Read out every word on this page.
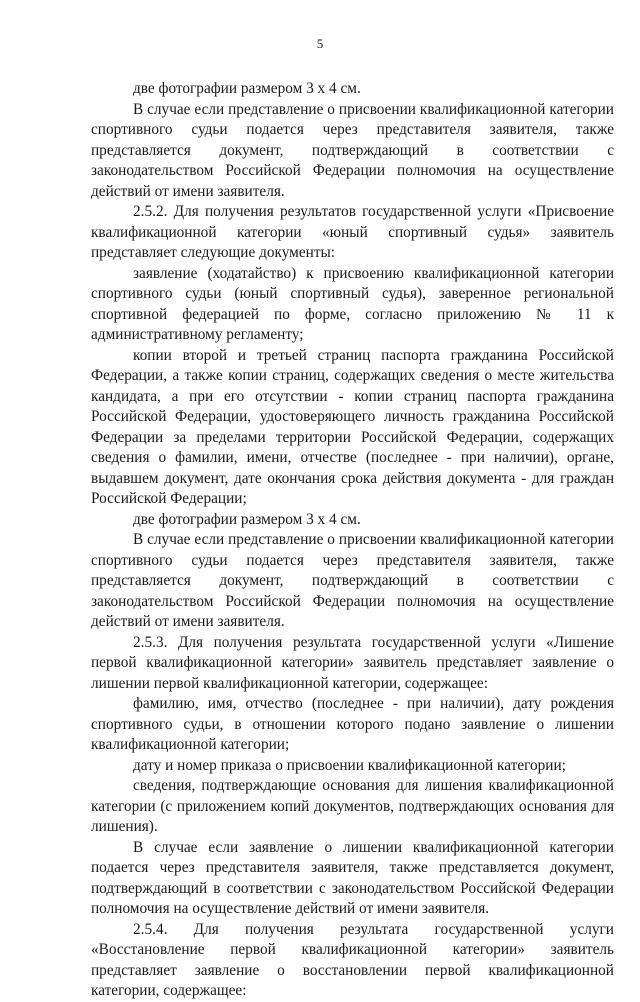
5

две фотографии размером 3 х 4 см.

В случае если представление о присвоении квалификационной категории спортивного судьи подается через представителя заявителя, также представляется документ, подтверждающий в соответствии с законодательством Российской Федерации полномочия на осуществление действий от имени заявителя.

2.5.2. Для получения результатов государственной услуги «Присвоение квалификационной категории «юный спортивный судья» заявитель представляет следующие документы:

заявление (ходатайство) к присвоению квалификационной категории спортивного судьи (юный спортивный судья), заверенное региональной спортивной федерацией по форме, согласно приложению № 11 к административному регламенту;

копии второй и третьей страниц паспорта гражданина Российской Федерации, а также копии страниц, содержащих сведения о месте жительства кандидата, а при его отсутствии - копии страниц паспорта гражданина Российской Федерации, удостоверяющего личность гражданина Российской Федерации за пределами территории Российской Федерации, содержащих сведения о фамилии, имени, отчестве (последнее - при наличии), органе, выдавшем документ, дате окончания срока действия документа - для граждан Российской Федерации;

две фотографии размером 3 х 4 см.

В случае если представление о присвоении квалификационной категории спортивного судьи подается через представителя заявителя, также представляется документ, подтверждающий в соответствии с законодательством Российской Федерации полномочия на осуществление действий от имени заявителя.

2.5.3. Для получения результата государственной услуги «Лишение первой квалификационной категории» заявитель представляет заявление о лишении первой квалификационной категории, содержащее:

фамилию, имя, отчество (последнее - при наличии), дату рождения спортивного судьи, в отношении которого подано заявление о лишении квалификационной категории;

дату и номер приказа о присвоении квалификационной категории;

сведения, подтверждающие основания для лишения квалификационной категории (с приложением копий документов, подтверждающих основания для лишения).

В случае если заявление о лишении квалификационной категории подается через представителя заявителя, также представляется документ, подтверждающий в соответствии с законодательством Российской Федерации полномочия на осуществление действий от имени заявителя.

2.5.4. Для получения результата государственной услуги «Восстановление первой квалификационной категории» заявитель представляет заявление о восстановлении первой квалификационной категории, содержащее:
